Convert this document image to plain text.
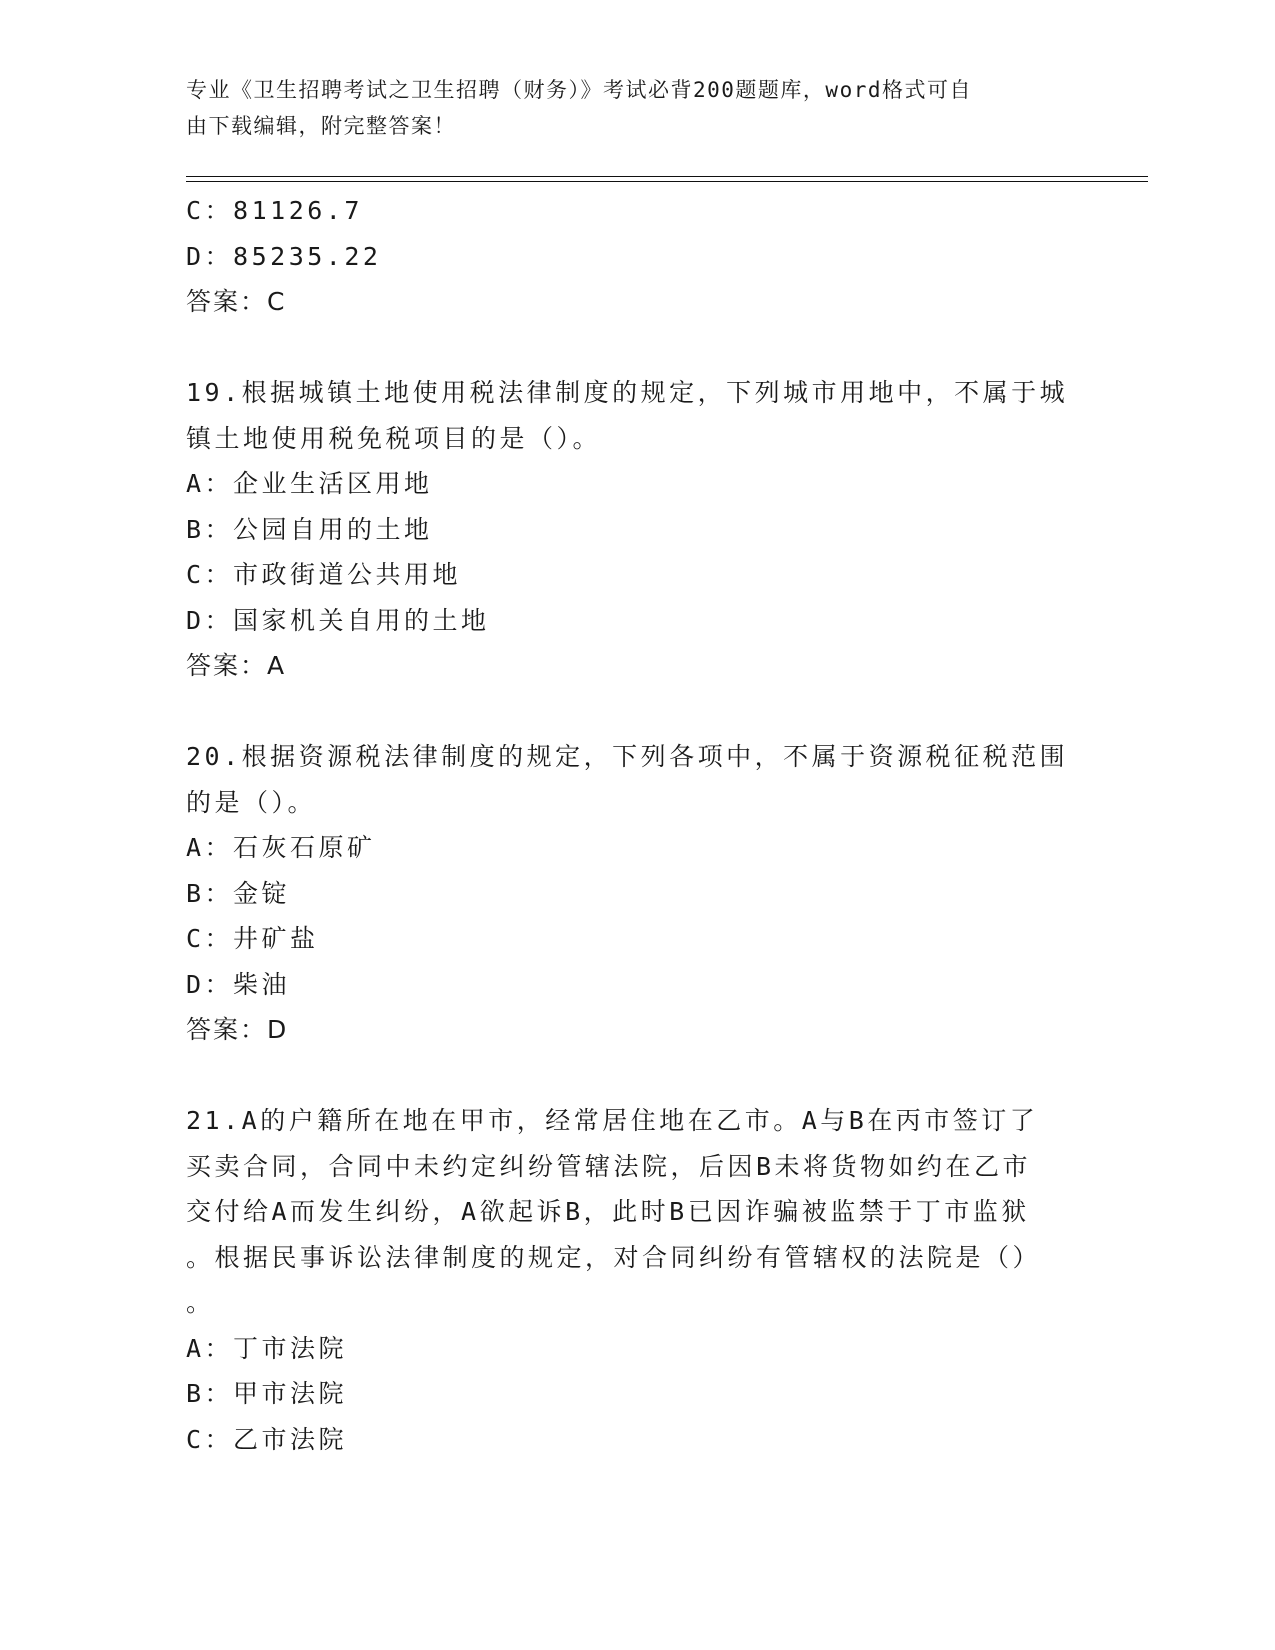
专业《卫生招聘考试之卫生招聘（财务）》考试必背200题题库，word格式可自
由下载编辑，附完整答案！
C：81126.7
D：85235.22
答案：C
19.根据城镇土地使用税法律制度的规定，下列城市用地中，不属于城
镇土地使用税免税项目的是（）。
A：企业生活区用地
B：公园自用的土地
C：市政街道公共用地
D：国家机关自用的土地
答案：A
20.根据资源税法律制度的规定，下列各项中，不属于资源税征税范围
的是（）。
A：石灰石原矿
B：金锭
C：井矿盐
D：柴油
答案：D
21.A的户籍所在地在甲市，经常居住地在乙市。A与B在丙市签订了
买卖合同，合同中未约定纠纷管辖法院，后因B未将货物如约在乙市
交付给A而发生纠纷，A欲起诉B，此时B已因诈骗被监禁于丁市监狱
。根据民事诉讼法律制度的规定，对合同纠纷有管辖权的法院是（）
。
A：丁市法院
B：甲市法院
C：乙市法院
